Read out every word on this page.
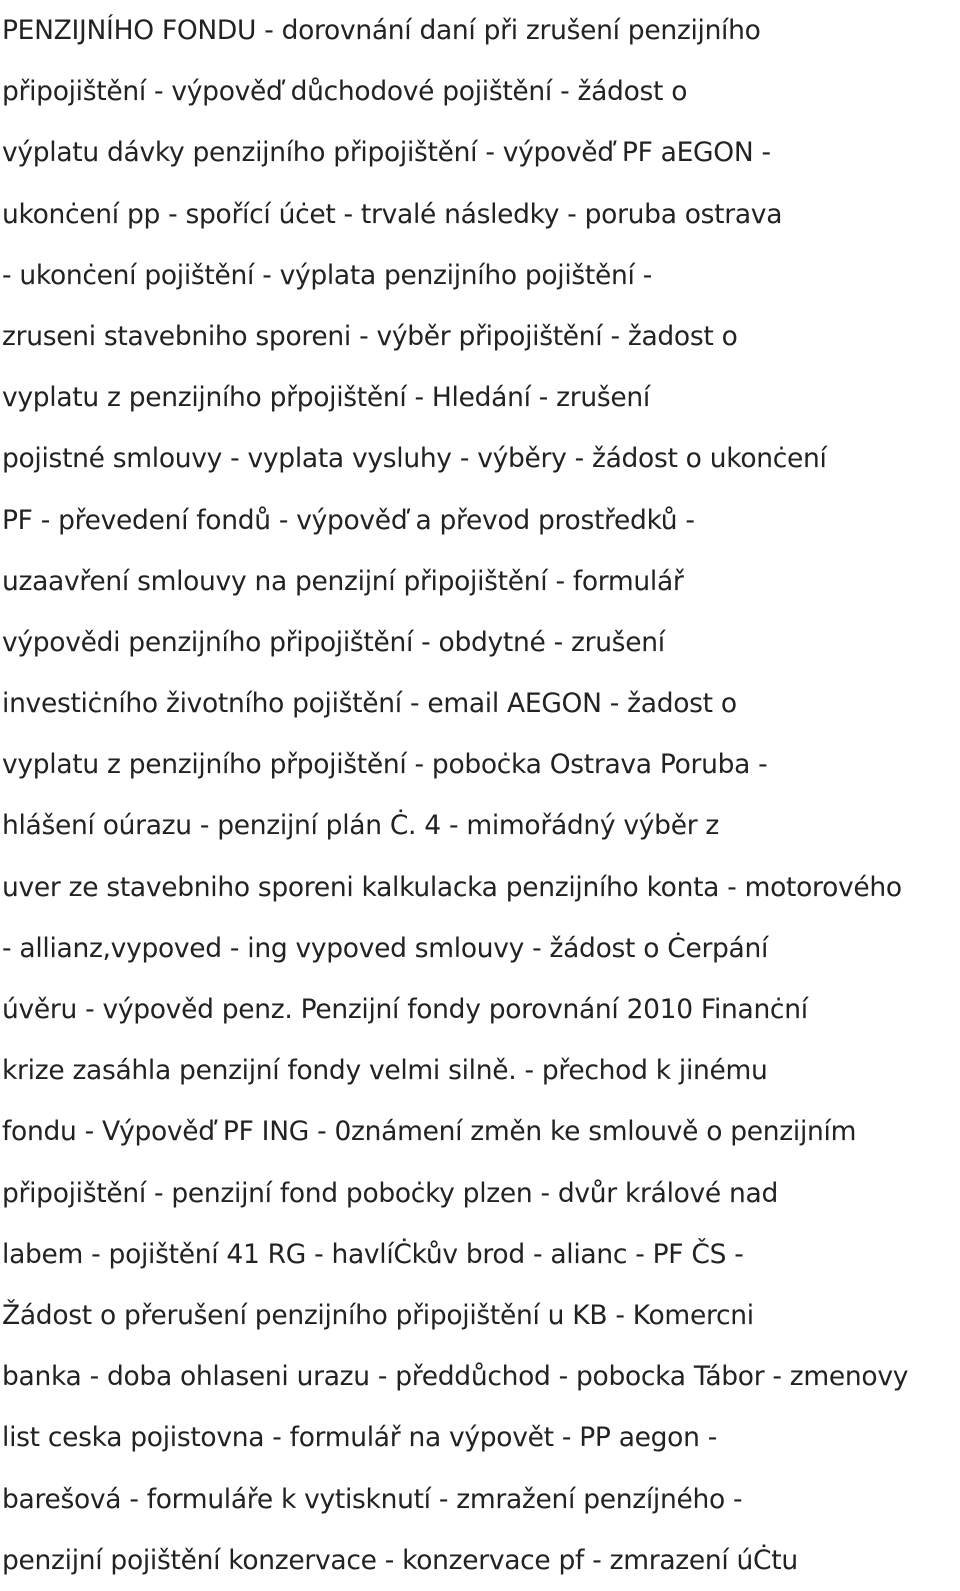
PENZIJNÍHO FONDU - dorovnání daní při zrušení penzijního

připojištění - výpověď důchodové pojištění - žádost o

výplatu dávky penzijního připojištění - výpověď PF aEGON -

ukonċení pp - spořící úċet - trvalé následky - poruba ostrava

- ukonċení pojištění - výplata penzijního pojištění -

zruseni stavebniho sporeni - výběr připojištění - žadost o

vyplatu z penzijního přpojištění - Hledání - zrušení

pojistné smlouvy - vyplata vysluhy - výběry - žádost o ukonċení

PF - převedení fondů - výpověď a převod prostředků -

uzaavření smlouvy na penzijní připojištění - formulář

výpovědi penzijního připojištění - obdytné - zrušení

investiċního životního pojištění - email AEGON - žadost o

vyplatu z penzijního přpojištění - poboċka Ostrava Poruba -

hlášení oúrazu - penzijní plán Ċ. 4 - mimořádný výběr z

uver ze stavebniho sporeni kalkulacka penzijního konta - motorového

- allianz,vypoved - ing vypoved smlouvy - žádost o Ċerpání

úvěru - výpověd penz. Penzijní fondy porovnání 2010 Finanċní

krize zasáhla penzijní fondy velmi silně. - přechod k jinému

fondu - Výpověď PF ING - 0známení změn ke smlouvě o penzijním

připojištění - penzijní fond poboċky plzen - dvůr králové nad

labem - pojištění 41 RG - havlíĊkův brod - alianc - PF ČS -

Žádost o přerušení penzijního připojištění u KB - Komercni

banka - doba ohlaseni urazu - předdůchod - pobocka Tábor - zmenovy

list ceska pojistovna - formulář na výpovět - PP aegon -

barešová - formuláře k vytisknutí - zmražení penzíjného -

penzijní pojištění konzervace - konzervace pf - zmrazení úĊtu
